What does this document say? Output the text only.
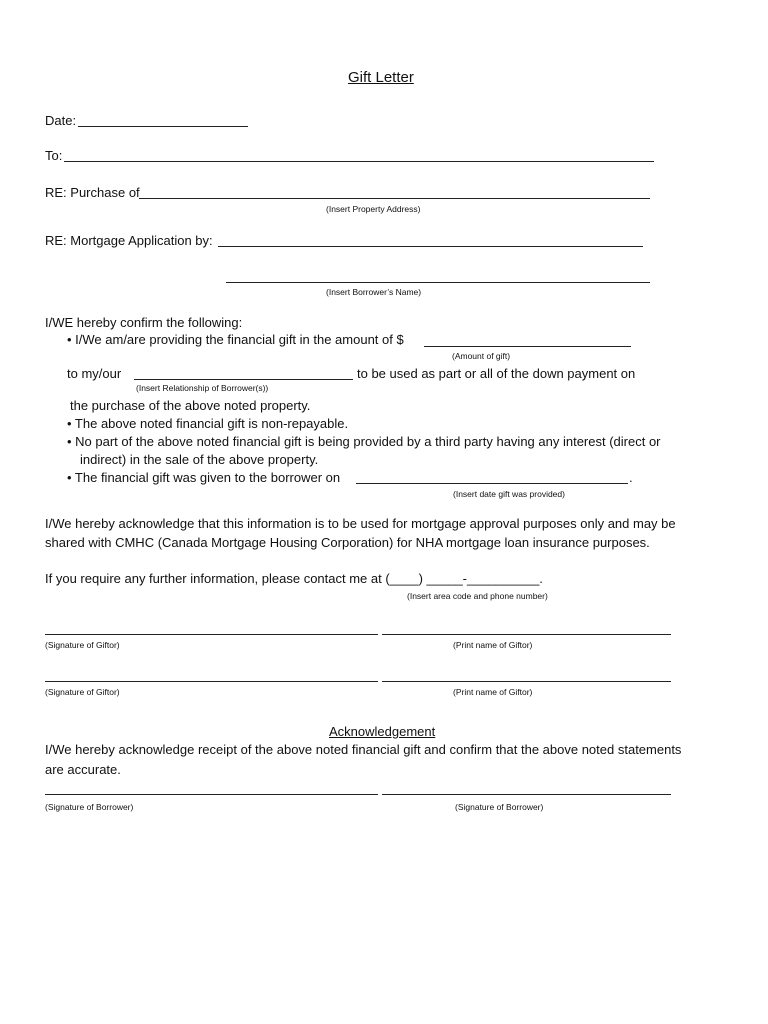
Gift Letter
Date:
To:
RE: Purchase of
(Insert Property Address)
RE: Mortgage Application by:
(Insert Borrower’s Name)
I/WE hereby confirm the following:
• I/We am/are providing the financial gift in the amount of $
(Amount of gift)
to my/our	to be used as part or all of the down payment on
(Insert Relationship of Borrower(s))
the purchase of the above noted property.
• The above noted financial gift is non-repayable.
• No part of the above noted financial gift is being provided by a third party having any interest (direct or
indirect) in the sale of the above property.
• The financial gift was given to the borrower on	.
(Insert date gift was provided)
I/We hereby acknowledge that this information is to be used for mortgage approval purposes only and may be
shared with CMHC (Canada Mortgage Housing Corporation) for NHA mortgage loan insurance purposes.
If you require any further information, please contact me at (____) _____-__________.
(Insert area code and phone number)
(Signature of Giftor)	(Print name of Giftor)
(Signature of Giftor)	(Print name of Giftor)
Acknowledgement
I/We hereby acknowledge receipt of the above noted financial gift and confirm that the above noted statements
are accurate.
(Signature of Borrower)	(Signature of Borrower)
